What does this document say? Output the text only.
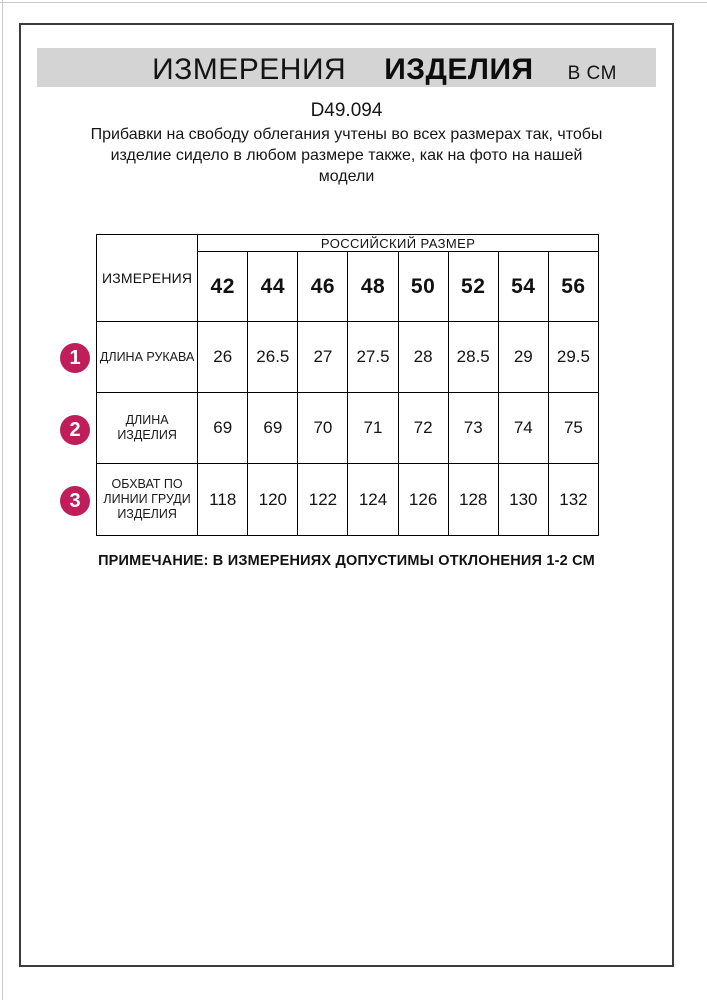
ИЗМЕРЕНИЯ ИЗДЕЛИЯ В СМ
D49.094
Прибавки на свободу облегания учтены во всех размерах так, чтобы
изделие сидело в любом размере также, как на фото на нашей
модели
ИЗМЕРЕНИЯ	РОССИЙСКИЙ РАЗМЕР							
	42	44	46	48	50	52	54	56
ДЛИНА РУКАВА	26	26.5	27	27.5	28	28.5	29	29.5
ДЛИНА ИЗДЕЛИЯ	69	69	70	71	72	73	74	75
ОБХВАТ ПО ЛИНИИ ГРУДИ ИЗДЕЛИЯ	118	120	122	124	126	128	130	132
1
2
3
ПРИМЕЧАНИЕ: В ИЗМЕРЕНИЯХ ДОПУСТИМЫ ОТКЛОНЕНИЯ 1-2 СМ
